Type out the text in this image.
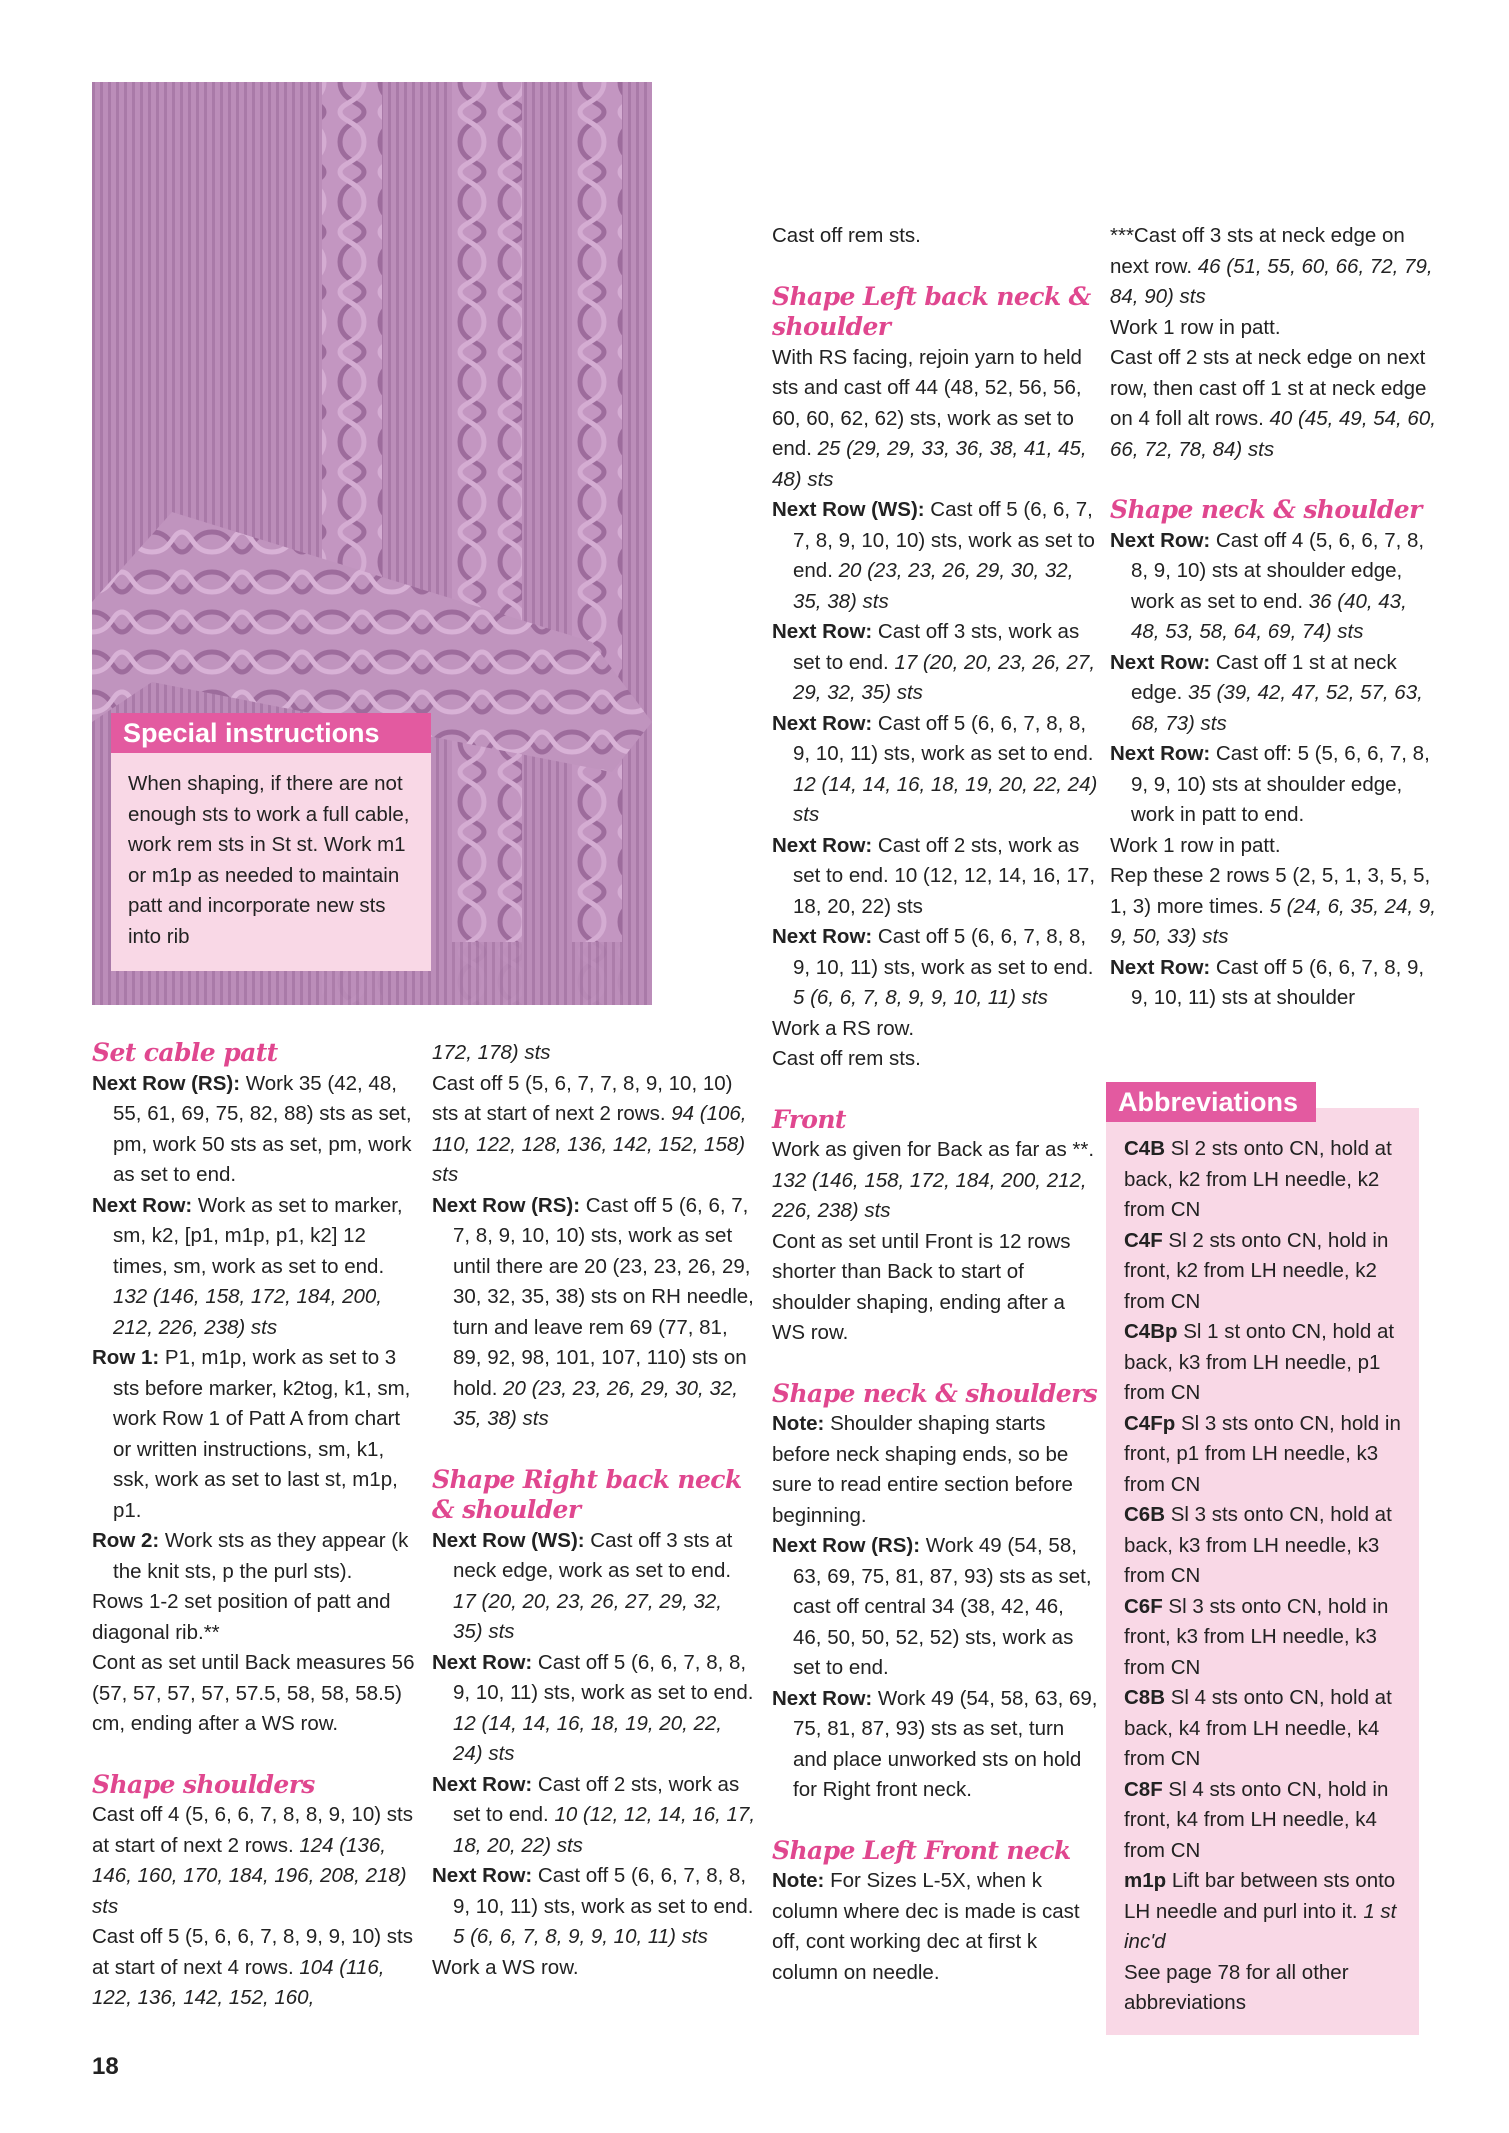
Special instructions
When shaping, if there are not enough sts to work a full cable, work rem sts in St st. Work m1 or m1p as needed to maintain patt and incorporate new sts into rib

Set cable patt

Next Row (RS): Work 35 (42, 48, 55, 61, 69, 75, 82, 88) sts as set, pm, work 50 sts as set, pm, work as set to end.

Next Row: Work as set to marker, sm, k2, [p1, m1p, p1, k2] 12 times, sm, work as set to end. 132 (146, 158, 172, 184, 200, 212, 226, 238) sts

Row 1: P1, m1p, work as set to 3 sts before marker, k2tog, k1, sm, work Row 1 of Patt A from chart or written instructions, sm, k1, ssk, work as set to last st, m1p, p1.

Row 2: Work sts as they appear (k the knit sts, p the purl sts).

Rows 1-2 set position of patt and diagonal rib.**

Cont as set until Back measures 56 (57, 57, 57, 57, 57.5, 58, 58, 58.5) cm, ending after a WS row.

Shape shoulders

Cast off 4 (5, 6, 6, 7, 8, 8, 9, 10) sts at start of next 2 rows. 124 (136, 146, 160, 170, 184, 196, 208, 218) sts

Cast off 5 (5, 6, 6, 7, 8, 9, 9, 10) sts at start of next 4 rows. 104 (116, 122, 136, 142, 152, 160,

172, 178) sts

Cast off 5 (5, 6, 7, 7, 8, 9, 10, 10) sts at start of next 2 rows. 94 (106, 110, 122, 128, 136, 142, 152, 158) sts

Next Row (RS): Cast off 5 (6, 6, 7, 7, 8, 9, 10, 10) sts, work as set until there are 20 (23, 23, 26, 29, 30, 32, 35, 38) sts on RH needle, turn and leave rem 69 (77, 81, 89, 92, 98, 101, 107, 110) sts on hold. 20 (23, 23, 26, 29, 30, 32, 35, 38) sts

Shape Right back neck & shoulder

Next Row (WS): Cast off 3 sts at neck edge, work as set to end. 17 (20, 20, 23, 26, 27, 29, 32, 35) sts

Next Row: Cast off 5 (6, 6, 7, 8, 8, 9, 10, 11) sts, work as set to end. 12 (14, 14, 16, 18, 19, 20, 22, 24) sts

Next Row: Cast off 2 sts, work as set to end. 10 (12, 12, 14, 16, 17, 18, 20, 22) sts

Next Row: Cast off 5 (6, 6, 7, 8, 8, 9, 10, 11) sts, work as set to end. 5 (6, 6, 7, 8, 9, 9, 10, 11) sts

Work a WS row.

Cast off rem sts.

Shape Left back neck & shoulder

With RS facing, rejoin yarn to held sts and cast off 44 (48, 52, 56, 56, 60, 60, 62, 62) sts, work as set to end. 25 (29, 29, 33, 36, 38, 41, 45, 48) sts

Next Row (WS): Cast off 5 (6, 6, 7, 7, 8, 9, 10, 10) sts, work as set to end. 20 (23, 23, 26, 29, 30, 32, 35, 38) sts

Next Row: Cast off 3 sts, work as set to end. 17 (20, 20, 23, 26, 27, 29, 32, 35) sts

Next Row: Cast off 5 (6, 6, 7, 8, 8, 9, 10, 11) sts, work as set to end. 12 (14, 14, 16, 18, 19, 20, 22, 24) sts

Next Row: Cast off 2 sts, work as set to end. 10 (12, 12, 14, 16, 17, 18, 20, 22) sts

Next Row: Cast off 5 (6, 6, 7, 8, 8, 9, 10, 11) sts, work as set to end. 5 (6, 6, 7, 8, 9, 9, 10, 11) sts

Work a RS row.

Cast off rem sts.

Front

Work as given for Back as far as **. 132 (146, 158, 172, 184, 200, 212, 226, 238) sts

Cont as set until Front is 12 rows shorter than Back to start of shoulder shaping, ending after a WS row.

Shape neck & shoulders

Note: Shoulder shaping starts before neck shaping ends, so be sure to read entire section before beginning.

Next Row (RS): Work 49 (54, 58, 63, 69, 75, 81, 87, 93) sts as set, cast off central 34 (38, 42, 46, 46, 50, 50, 52, 52) sts, work as set to end.

Next Row: Work 49 (54, 58, 63, 69, 75, 81, 87, 93) sts as set, turn and place unworked sts on hold for Right front neck.

Shape Left Front neck

Note: For Sizes L-5X, when k column where dec is made is cast off, cont working dec at first k column on needle.

***Cast off 3 sts at neck edge on next row. 46 (51, 55, 60, 66, 72, 79, 84, 90) sts

Work 1 row in patt.

Cast off 2 sts at neck edge on next row, then cast off 1 st at neck edge on 4 foll alt rows. 40 (45, 49, 54, 60, 66, 72, 78, 84) sts

Shape neck & shoulder

Next Row: Cast off 4 (5, 6, 6, 7, 8, 8, 9, 10) sts at shoulder edge, work as set to end. 36 (40, 43, 48, 53, 58, 64, 69, 74) sts

Next Row: Cast off 1 st at neck edge. 35 (39, 42, 47, 52, 57, 63, 68, 73) sts

Next Row: Cast off: 5 (5, 6, 6, 7, 8, 9, 9, 10) sts at shoulder edge, work in patt to end.

Work 1 row in patt.

Rep these 2 rows 5 (2, 5, 1, 3, 5, 5, 1, 3) more times. 5 (24, 6, 35, 24, 9, 9, 50, 33) sts

Next Row: Cast off 5 (6, 6, 7, 8, 9, 9, 10, 11) sts at shoulder

C4B Sl 2 sts onto CN, hold at back, k2 from LH needle, k2 from CN

C4F Sl 2 sts onto CN, hold in front, k2 from LH needle, k2 from CN

C4Bp Sl 1 st onto CN, hold at back, k3 from LH needle, p1 from CN

C4Fp Sl 3 sts onto CN, hold in front, p1 from LH needle, k3 from CN

C6B Sl 3 sts onto CN, hold at back, k3 from LH needle, k3 from CN

C6F Sl 3 sts onto CN, hold in front, k3 from LH needle, k3 from CN

C8B Sl 4 sts onto CN, hold at back, k4 from LH needle, k4 from CN

C8F Sl 4 sts onto CN, hold in front, k4 from LH needle, k4 from CN

m1p Lift bar between sts onto LH needle and purl into it. 1 st inc'd

See page 78 for all other abbreviations

Abbreviations
18
